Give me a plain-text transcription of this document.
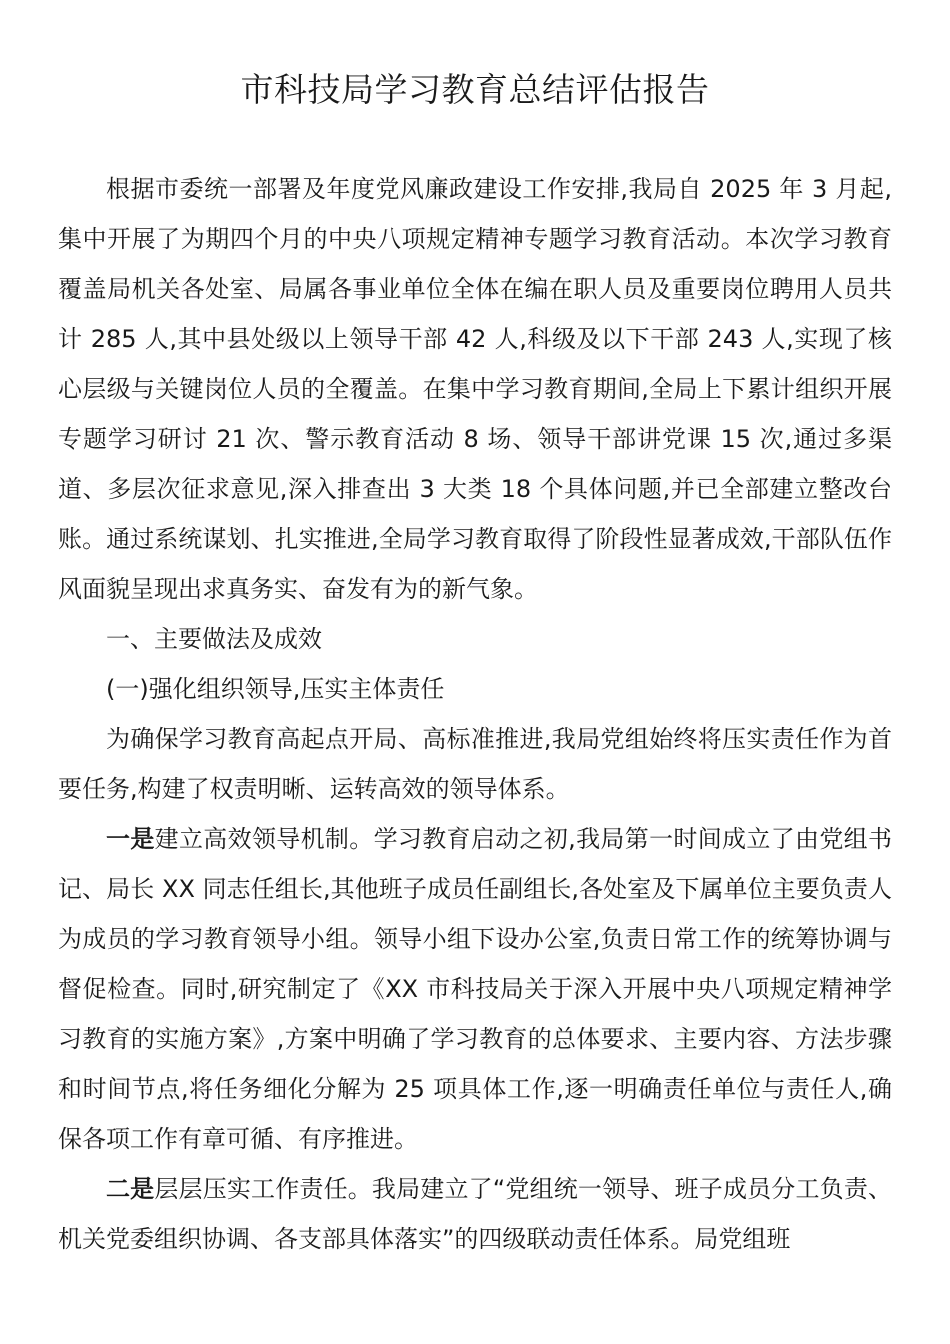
市科技局学习教育总结评估报告

根据市委统一部署及年度党风廉政建设工作安排,我局自 2025 年 3 月起,集中开展了为期四个月的中央八项规定精神专题学习教育活动。本次学习教育覆盖局机关各处室、局属各事业单位全体在编在职人员及重要岗位聘用人员共计 285 人,其中县处级以上领导干部 42 人,科级及以下干部 243 人,实现了核心层级与关键岗位人员的全覆盖。在集中学习教育期间,全局上下累计组织开展专题学习研讨 21 次、警示教育活动 8 场、领导干部讲党课 15 次,通过多渠道、多层次征求意见,深入排查出 3 大类 18 个具体问题,并已全部建立整改台账。通过系统谋划、扎实推进,全局学习教育取得了阶段性显著成效,干部队伍作风面貌呈现出求真务实、奋发有为的新气象。

一、主要做法及成效

(一)强化组织领导,压实主体责任

为确保学习教育高起点开局、高标准推进,我局党组始终将压实责任作为首要任务,构建了权责明晰、运转高效的领导体系。

一是建立高效领导机制。学习教育启动之初,我局第一时间成立了由党组书记、局长 XX 同志任组长,其他班子成员任副组长,各处室及下属单位主要负责人为成员的学习教育领导小组。领导小组下设办公室,负责日常工作的统筹协调与督促检查。同时,研究制定了《XX 市科技局关于深入开展中央八项规定精神学习教育的实施方案》,方案中明确了学习教育的总体要求、主要内容、方法步骤和时间节点,将任务细化分解为 25 项具体工作,逐一明确责任单位与责任人,确保各项工作有章可循、有序推进。

二是层层压实工作责任。我局建立了“党组统一领导、班子成员分工负责、机关党委组织协调、各支部具体落实”的四级联动责任体系。局党组班
